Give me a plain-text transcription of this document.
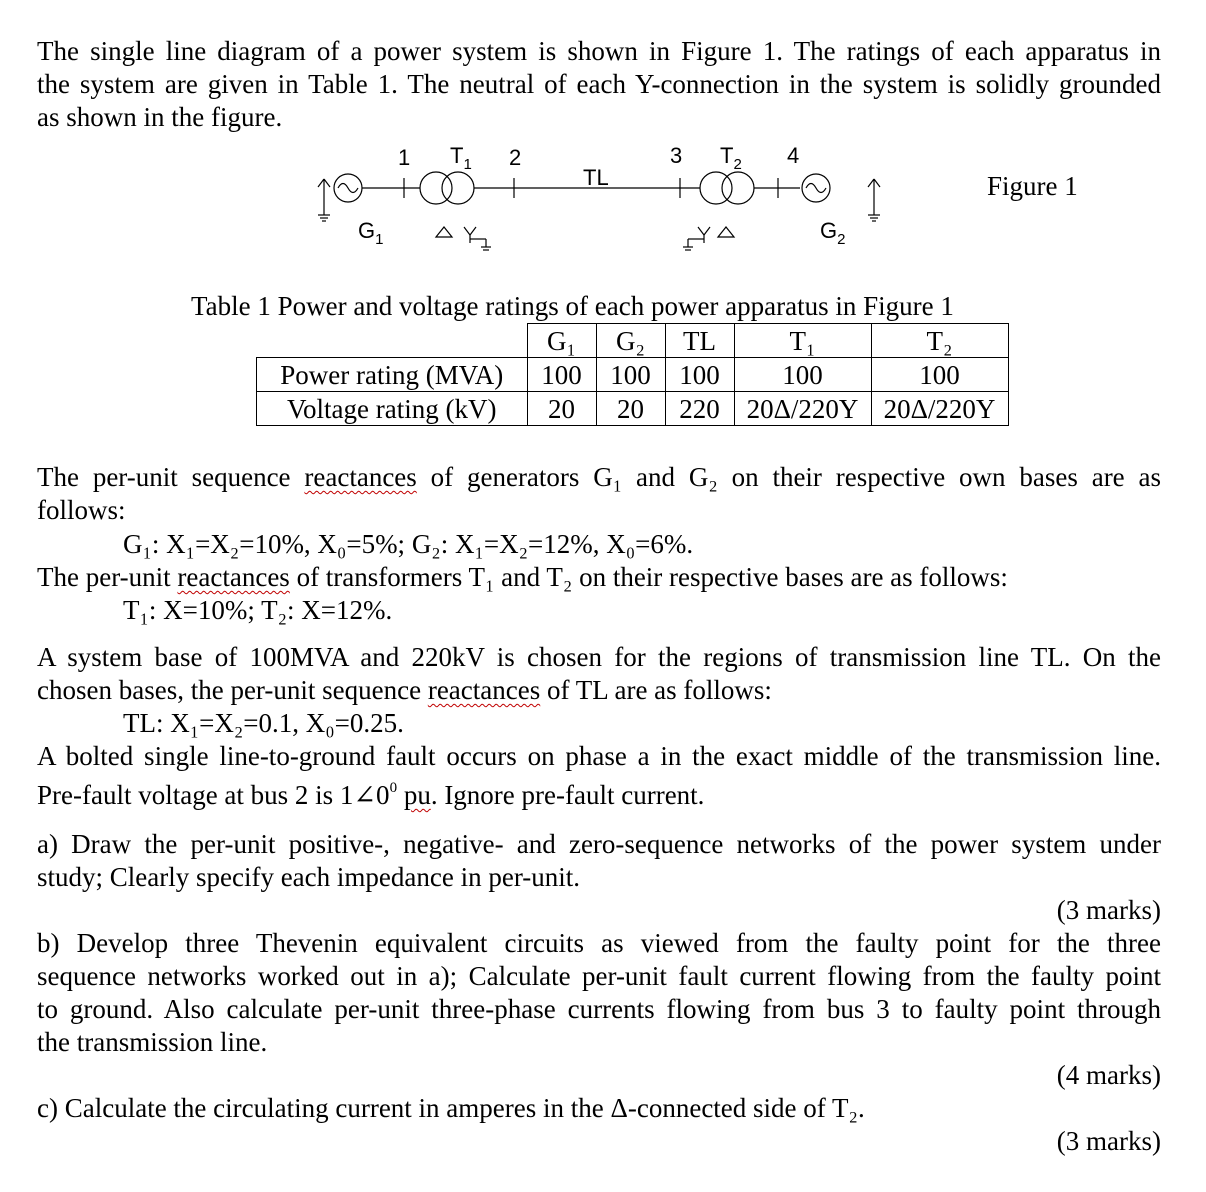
The single line diagram of a power system is shown in Figure 1. The ratings of each apparatus in
the system are given in Table 1. The neutral of each Y-connection in the system is solidly grounded
as shown in the figure.
1 $T_1$ 2
TL
3 $T_2$ 4
$G_1$	$G_2$
Figure 1
Table 1 Power and voltage ratings of each power apparatus in Figure 1
	G₁	G₂	TL	T₁	T₂
Power rating (MVA)	100	100	100	100	100
Voltage rating (kV)	20	20	220	20Δ/220Y	20Δ/220Y
The per-unit sequence reactances of generators G₁ and G₂ on their respective own bases are as
follows:
G₁: X₁=X₂=10%, X₀=5%; G₂: X₁=X₂=12%, X₀=6%.
The per-unit reactances of transformers T₁ and T₂ on their respective bases are as follows:
T₁: X=10%; T₂: X=12%.
A system base of 100MVA and 220kV is chosen for the regions of transmission line TL. On the
chosen bases, the per-unit sequence reactances of TL are as follows:
TL: X₁=X₂=0.1, X₀=0.25.
A bolted single line-to-ground fault occurs on phase a in the exact middle of the transmission line.
Pre-fault voltage at bus 2 is $1\angle 0^0$ pu. Ignore pre-fault current.
a) Draw the per-unit positive-, negative- and zero-sequence networks of the power system under
study; Clearly specify each impedance in per-unit.
(3 marks)
b) Develop three Thevenin equivalent circuits as viewed from the faulty point for the three
sequence networks worked out in a); Calculate per-unit fault current flowing from the faulty point
to ground. Also calculate per-unit three-phase currents flowing from bus 3 to faulty point through
the transmission line.
(4 marks)
c) Calculate the circulating current in amperes in the Δ-connected side of T₂.
(3 marks)
